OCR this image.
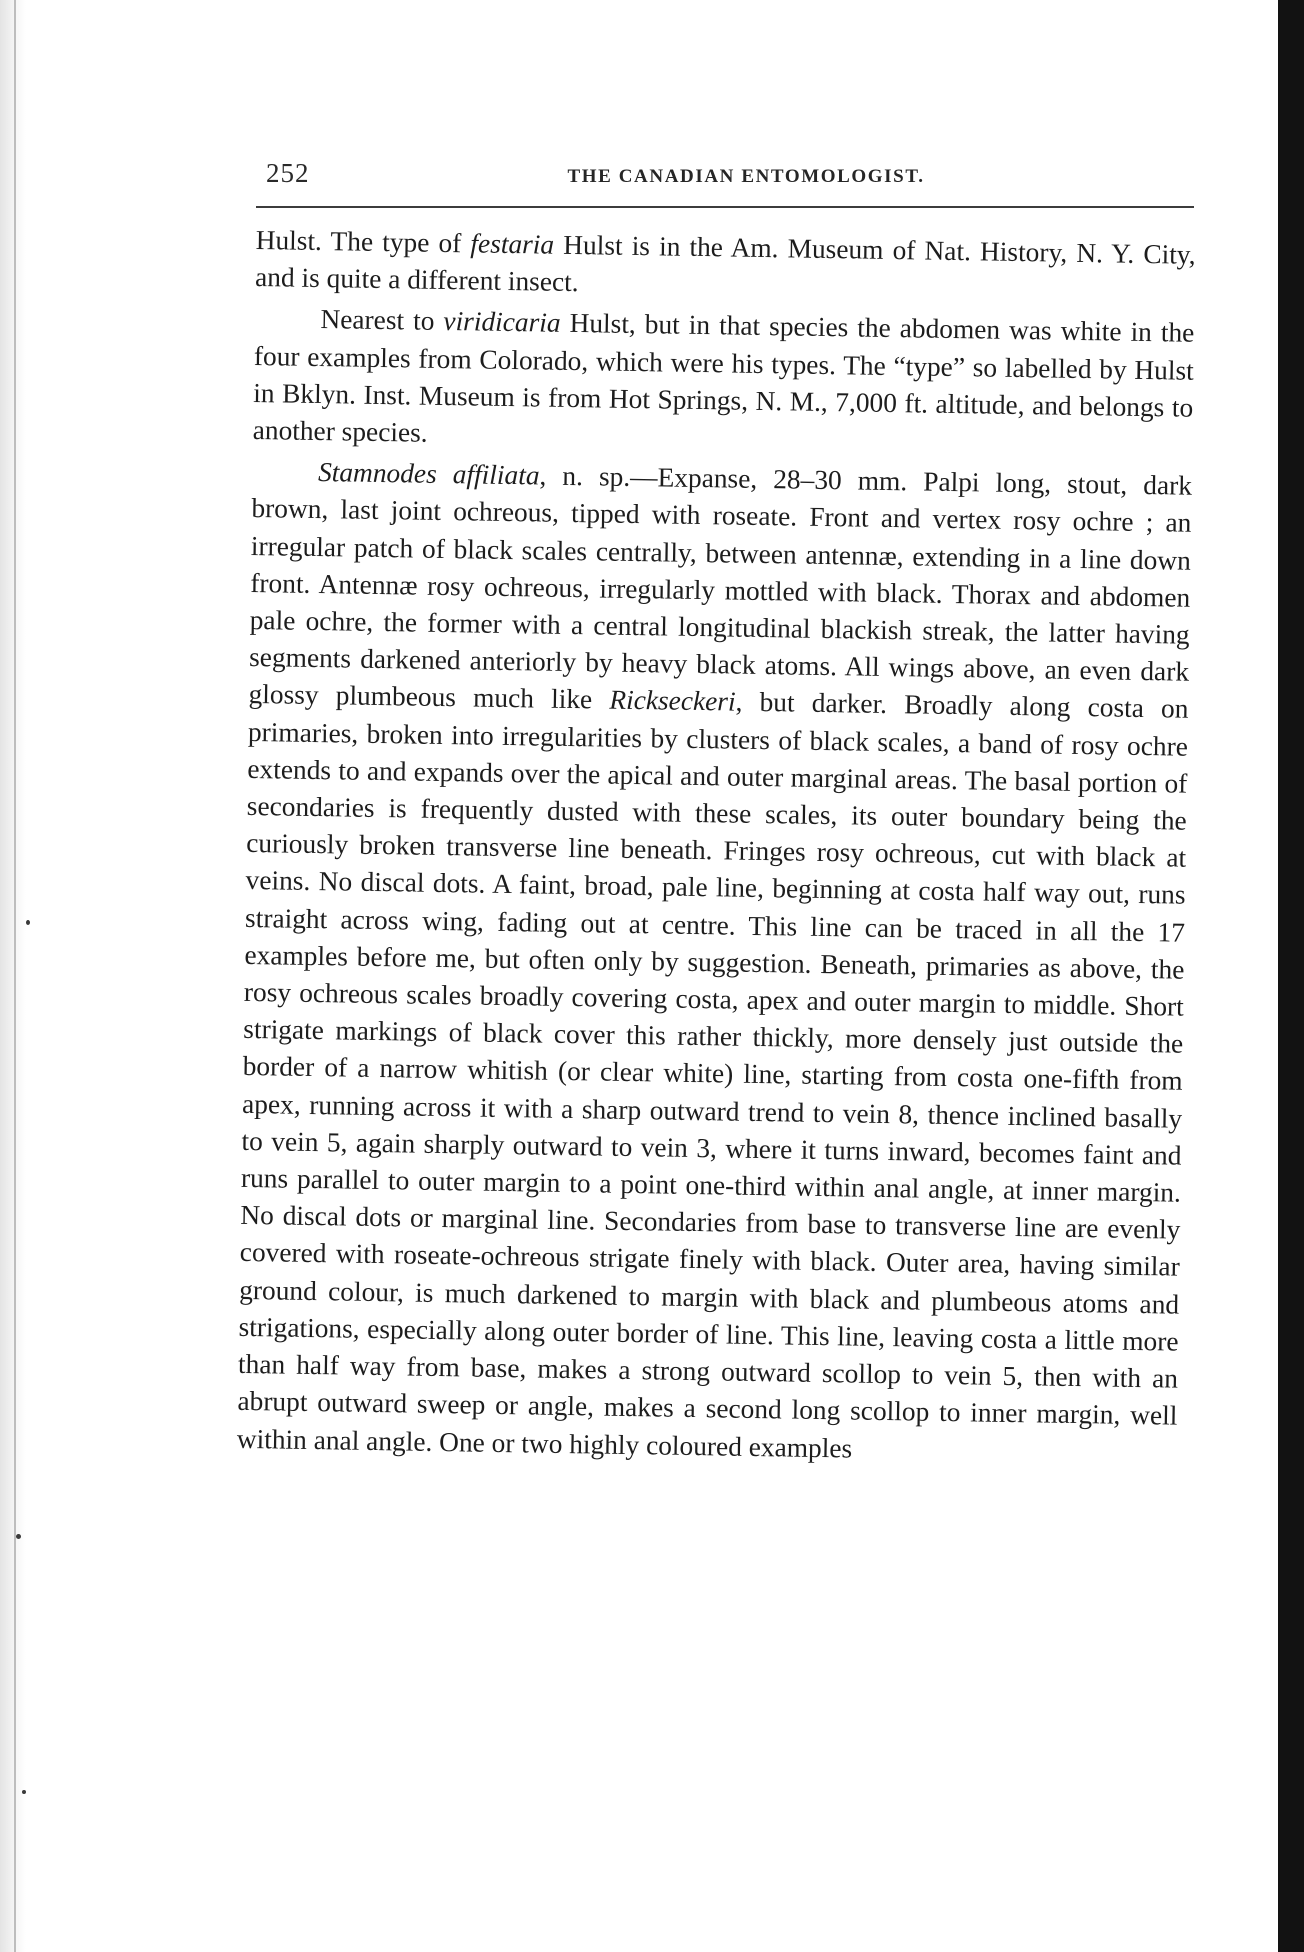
252	THE CANADIAN ENTOMOLOGIST.

Hulst. The type of festaria Hulst is in the Am. Museum of Nat. History, N. Y. City, and is quite a different insect.

Nearest to viridicaria Hulst, but in that species the abdomen was white in the four examples from Colorado, which were his types. The “type” so labelled by Hulst in Bklyn. Inst. Museum is from Hot Springs, N. M., 7,000 ft. altitude, and belongs to another species.

Stamnodes affiliata, n. sp.—Expanse, 28–30 mm. Palpi long, stout, dark brown, last joint ochreous, tipped with roseate. Front and vertex rosy ochre ; an irregular patch of black scales centrally, between antennæ, extending in a line down front. Antennæ rosy ochreous, irregularly mottled with black. Thorax and abdomen pale ochre, the former with a central longitudinal blackish streak, the latter having segments darkened anteriorly by heavy black atoms. All wings above, an even dark glossy plumbeous much like Rickseckeri, but darker. Broadly along costa on primaries, broken into irregularities by clusters of black scales, a band of rosy ochre extends to and expands over the apical and outer marginal areas. The basal portion of secondaries is frequently dusted with these scales, its outer boundary being the curiously broken transverse line beneath. Fringes rosy ochreous, cut with black at veins. No discal dots. A faint, broad, pale line, beginning at costa half way out, runs straight across wing, fading out at centre. This line can be traced in all the 17 examples before me, but often only by suggestion. Beneath, primaries as above, the rosy ochreous scales broadly covering costa, apex and outer margin to middle. Short strigate markings of black cover this rather thickly, more densely just outside the border of a narrow whitish (or clear white) line, starting from costa one-fifth from apex, running across it with a sharp outward trend to vein 8, thence inclined basally to vein 5, again sharply outward to vein 3, where it turns inward, becomes faint and runs parallel to outer margin to a point one-third within anal angle, at inner margin. No discal dots or marginal line. Secondaries from base to transverse line are evenly covered with roseate-ochreous strigate finely with black. Outer area, having similar ground colour, is much darkened to margin with black and plumbeous atoms and strigations, especially along outer border of line. This line, leaving costa a little more than half way from base, makes a strong outward scollop to vein 5, then with an abrupt outward sweep or angle, makes a second long scollop to inner margin, well within anal angle. One or two highly coloured examples
